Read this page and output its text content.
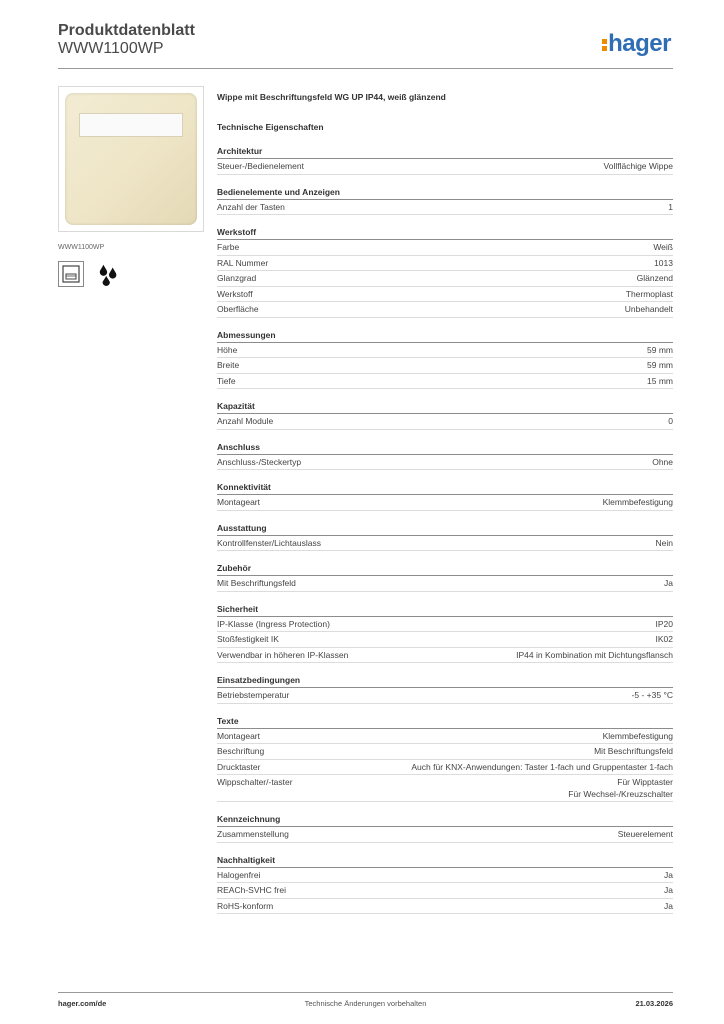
Produktdatenblatt
WWW1100WP	hager
WWW1100WP
Wippe mit Beschriftungsfeld WG UP IP44, weiß glänzend
Technische Eigenschaften
Architektur
Steuer-/Bedienelement	Vollflächige Wippe
Bedienelemente und Anzeigen
Anzahl der Tasten	1
Werkstoff
Farbe	Weiß
RAL Nummer	1013
Glanzgrad	Glänzend
Werkstoff	Thermoplast
Oberfläche	Unbehandelt
Abmessungen
Höhe	59 mm
Breite	59 mm
Tiefe	15 mm
Kapazität
Anzahl Module	0
Anschluss
Anschluss-/Steckertyp	Ohne
Konnektivität
Montageart	Klemmbefestigung
Ausstattung
Kontrollfenster/Lichtauslass	Nein
Zubehör
Mit Beschriftungsfeld	Ja
Sicherheit
IP-Klasse (Ingress Protection)	IP20
Stoßfestigkeit IK	IK02
Verwendbar in höheren IP-Klassen	IP44 in Kombination mit Dichtungsflansch
Einsatzbedingungen
Betriebstemperatur	-5 - +35 °C
Texte
Montageart	Klemmbefestigung
Beschriftung	Mit Beschriftungsfeld
Drucktaster	Auch für KNX-Anwendungen: Taster 1-fach und Gruppentaster 1-fach
Wippschalter/-taster	Für Wipptaster
Für Wechsel-/Kreuzschalter
Kennzeichnung
Zusammenstellung	Steuerelement
Nachhaltigkeit
Halogenfrei	Ja
REACh-SVHC frei	Ja
RoHS-konform	Ja
Technische Änderungen vorbehalten
hager.com/de	21.03.2026
